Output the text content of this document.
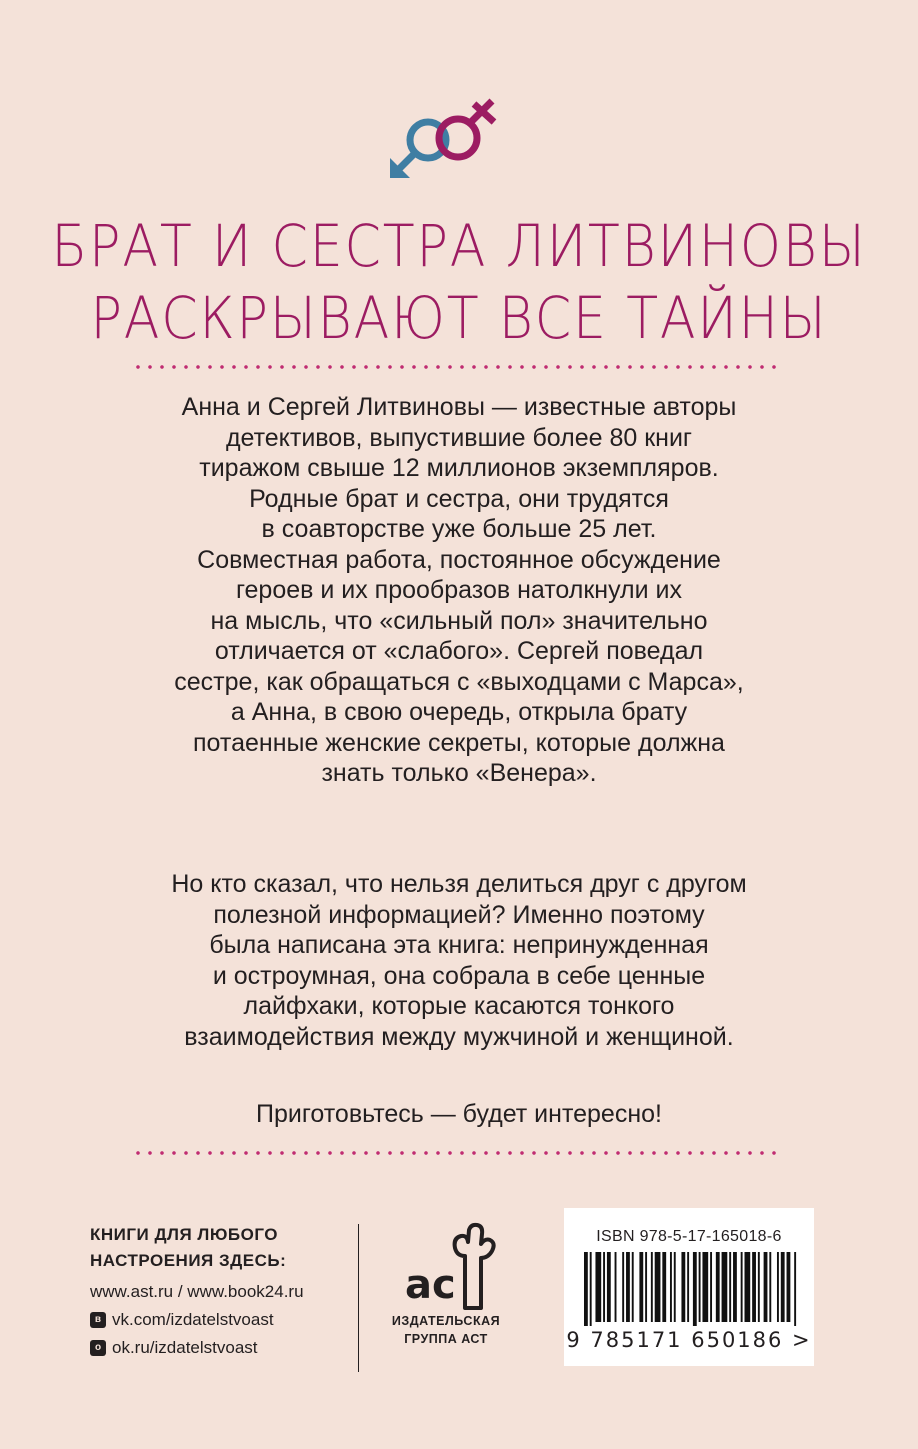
БРАТ И СЕСТРА ЛИТВИНОВЫ
РАСКРЫВАЮТ ВСЕ ТАЙНЫ

Анна и Сергей Литвиновы — известные авторы
детективов, выпустившие более 80 книг
тиражом свыше 12 миллионов экземпляров.
Родные брат и сестра, они трудятся
в соавторстве уже больше 25 лет.
Совместная работа, постоянное обсуждение
героев и их прообразов натолкнули их
на мысль, что «сильный пол» значительно
отличается от «слабого». Сергей поведал
сестре, как обращаться с «выходцами с Марса»,
а Анна, в свою очередь, открыла брату
потаенные женские секреты, которые должна
знать только «Венера».

Но кто сказал, что нельзя делиться друг с другом
полезной информацией? Именно поэтому
была написана эта книга: непринужденная
и остроумная, она собрала в себе ценные
лайфхаки, которые касаются тонкого
взаимодействия между мужчиной и женщиной.

Приготовьтесь — будет интересно!

КНИГИ ДЛЯ ЛЮБОГО
НАСТРОЕНИЯ ЗДЕСЬ:
www.ast.ru / www.book24.ru
в vk.com/izdatelstvoast
о ok.ru/izdatelstvoast
ac
ИЗДАТЕЛЬСКАЯ
ГРУППА АСТ
ISBN 978-5-17-165018-6
9 785171 650186 >
